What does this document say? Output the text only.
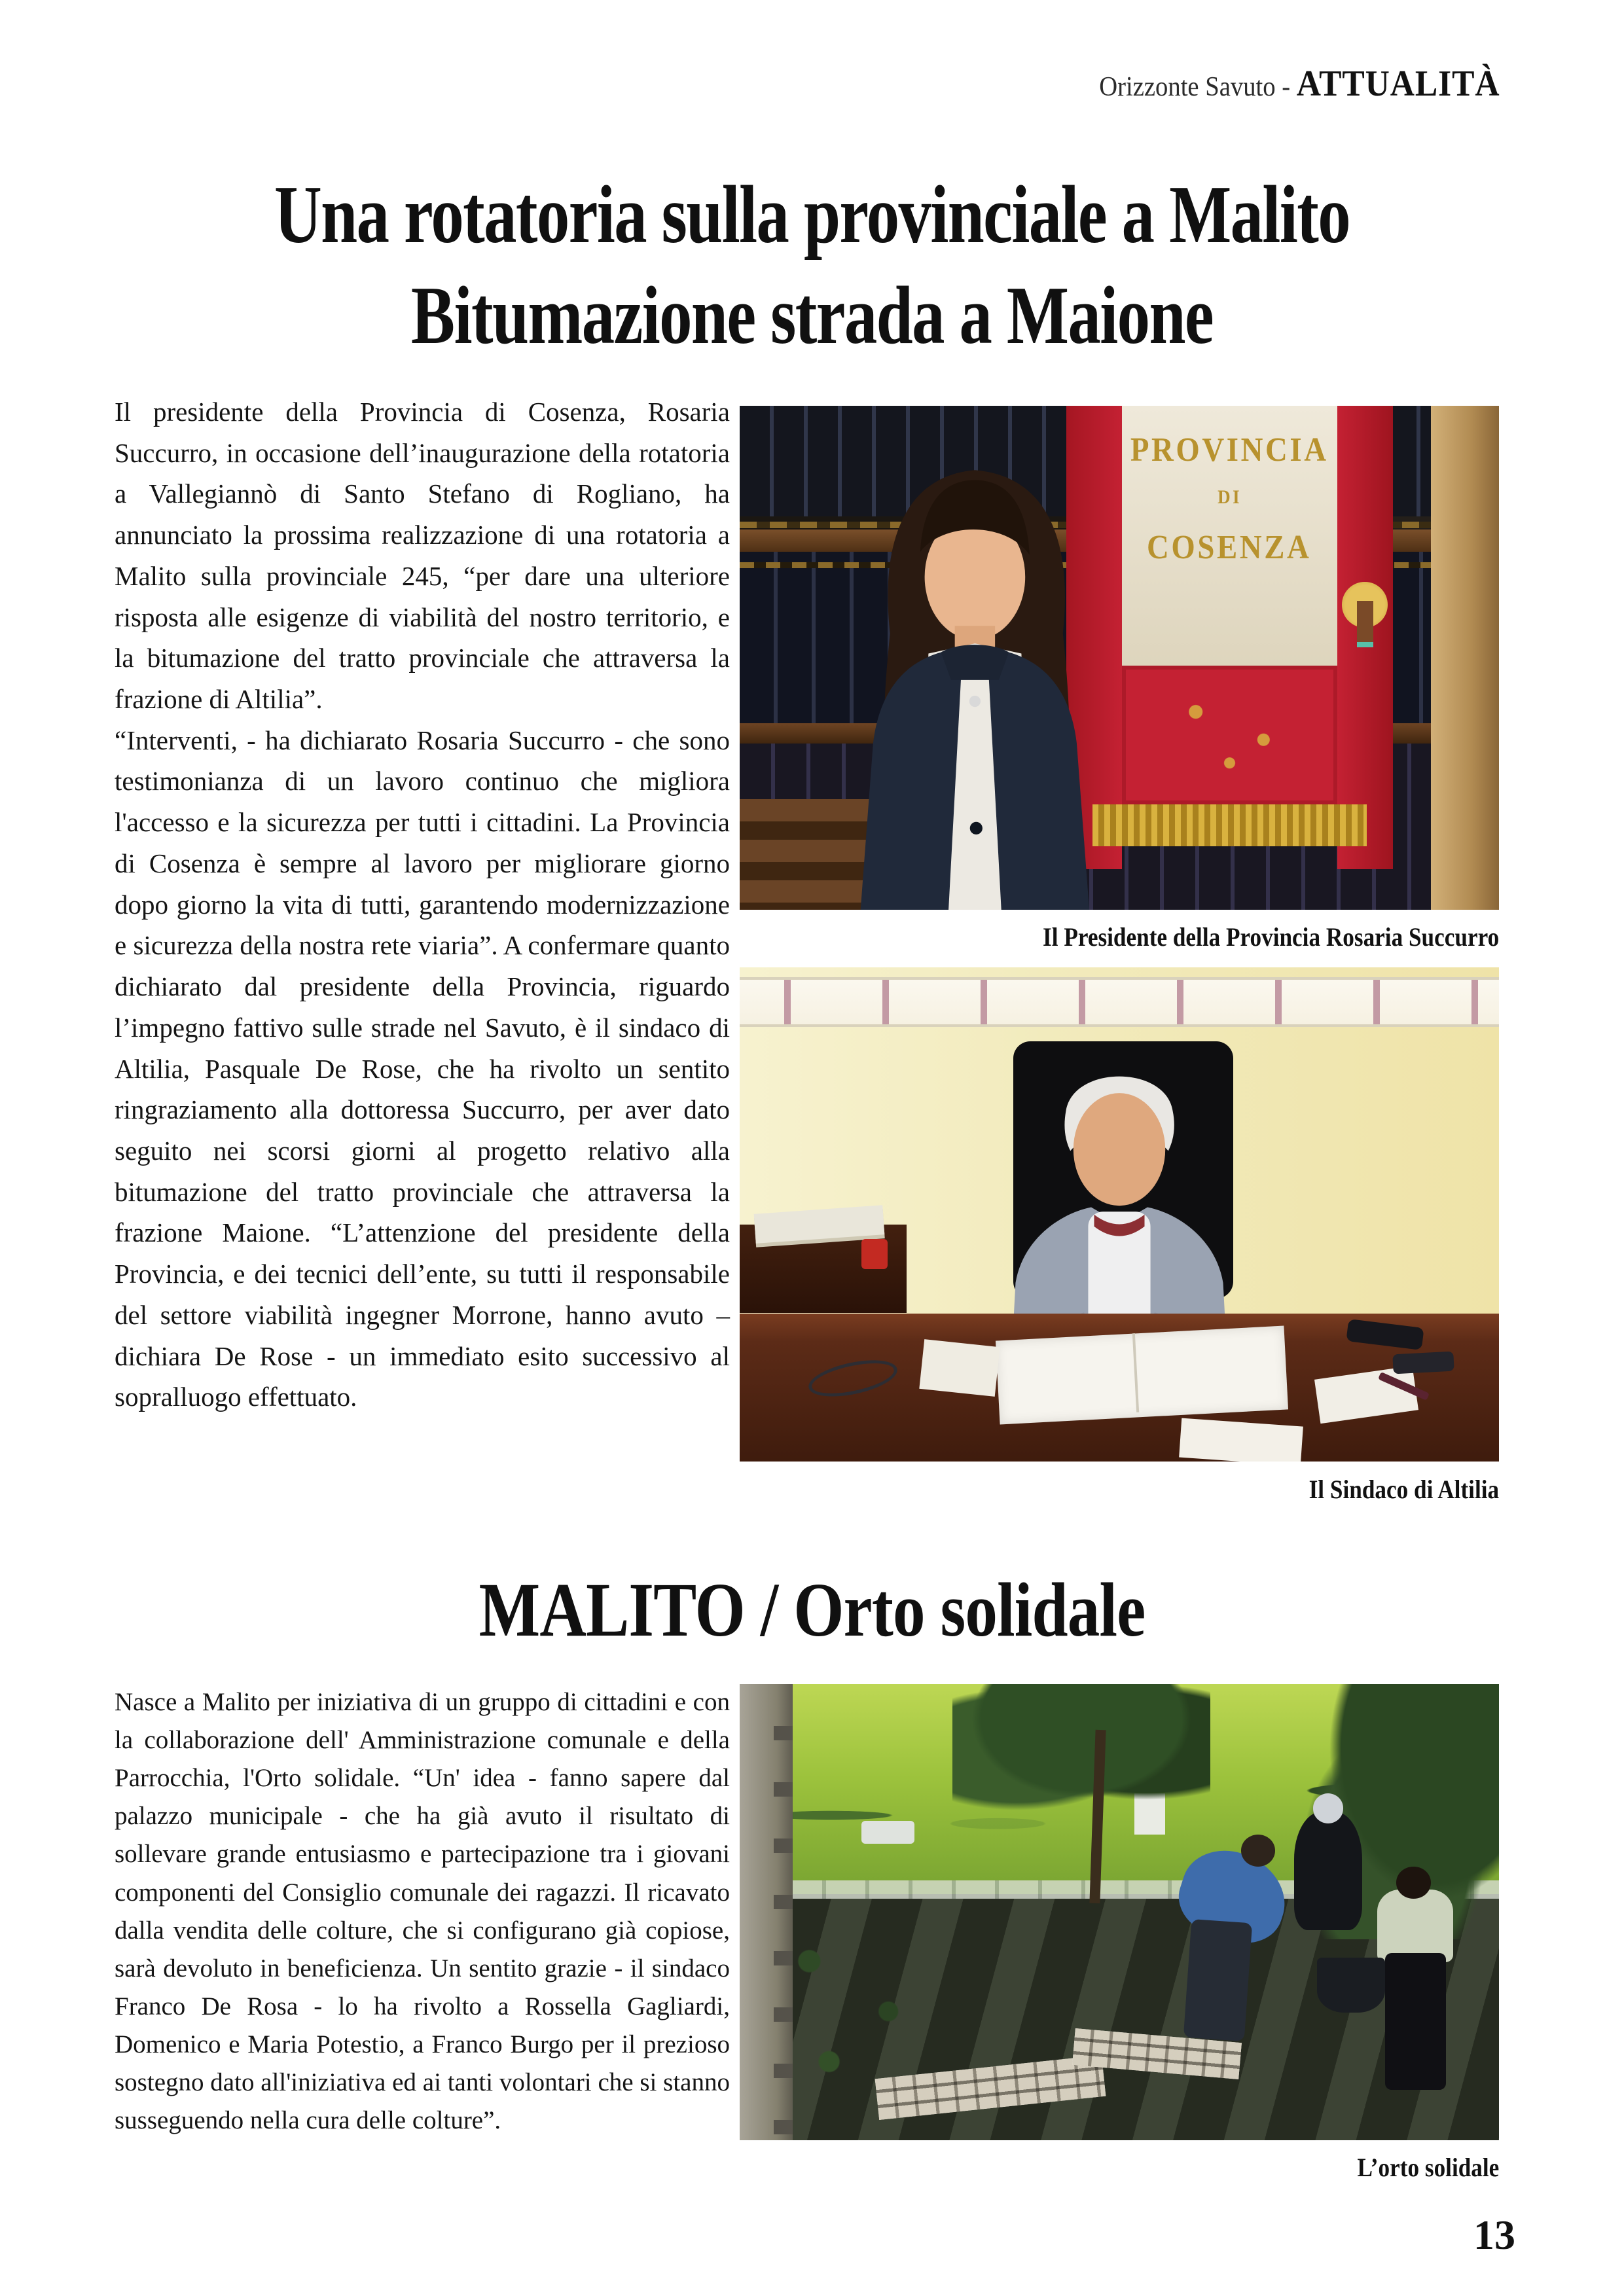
Orizzonte Savuto - ATTUALITÀ
Una rotatoria sulla provinciale a Malito
Bitumazione strada a Maione

Il presidente della Provincia di Cosenza, Rosaria Succurro, in occasione dell’inaugurazione della rotatoria a Vallegiannò di Santo Stefano di Rogliano, ha annunciato la prossima realizzazione di una rotatoria a Malito sulla provinciale 245, “per dare una ulteriore risposta alle esigenze di viabilità del nostro territorio, e la bitumazione del tratto provinciale che attraversa la frazione di Altilia”.

“Interventi, - ha dichiarato Rosaria Succurro - che sono testimonianza di un lavoro continuo che migliora l'accesso e la sicurezza per tutti i cittadini. La Provincia di Cosenza è sempre al lavoro per migliorare giorno dopo giorno la vita di tutti, garantendo modernizzazione e sicurezza della nostra rete viaria”. A confermare quanto dichiarato dal presidente della Provincia, riguardo l’impegno fattivo sulle strade nel Savuto, è il sindaco di Altilia, Pasquale De Rose, che ha rivolto un sentito ringraziamento alla dottoressa Succurro, per aver dato seguito nei scorsi giorni al progetto relativo alla bitumazione del tratto provinciale che attraversa la frazione Maione. “L’attenzione del presidente della Provincia, e dei tecnici dell’ente, su tutti il responsabile del settore viabilità ingegner Morrone, hanno avuto – dichiara De Rose - un immediato esito successivo al sopralluogo effettuato.

PROVINCIA
DI
COSENZA
Il Presidente della Provincia Rosaria Succurro
Il Sindaco di Altilia
MALITO / Orto solidale

Nasce a Malito per iniziativa di un gruppo di cittadini e con la collaborazione dell' Amministrazione comunale e della Parrocchia, l'Orto solidale. “Un' idea - fanno sapere dal palazzo municipale - che ha già avuto il risultato di sollevare grande entusiasmo e partecipazione tra i giovani componenti del Consiglio comunale dei ragazzi. Il ricavato dalla vendita delle colture, che si configurano già copiose, sarà devoluto in beneficienza. Un sentito grazie - il sindaco Franco De Rosa - lo ha rivolto a Rossella Gagliardi, Domenico e Maria Potestio, a Franco Burgo per il prezioso sostegno dato all'iniziativa ed ai tanti volontari che si stanno susseguendo nella cura delle colture”.

L’orto solidale
13
